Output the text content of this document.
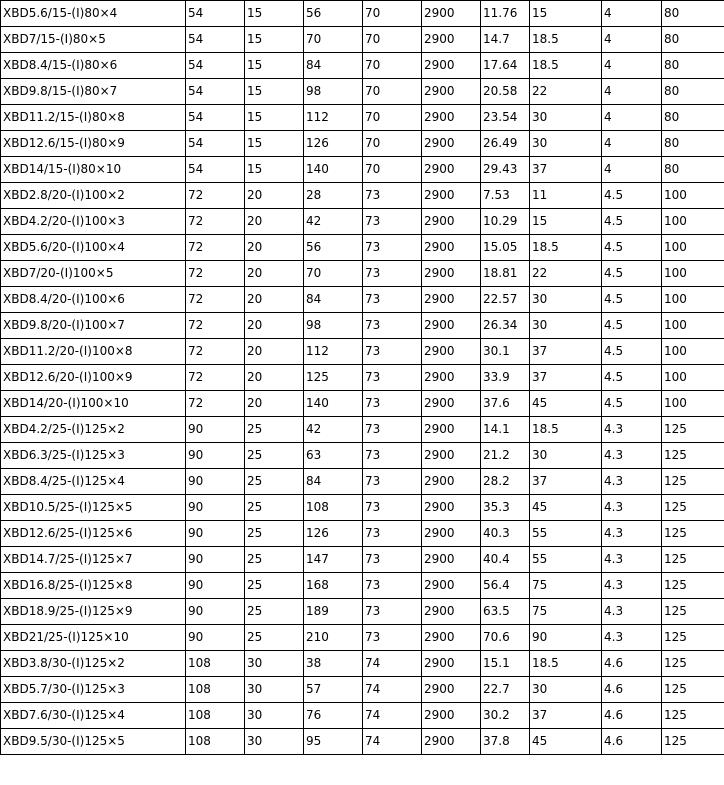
XBD5.6/15-(I)80×4	54	15	56	70	2900	11.76	15	4	80
XBD7/15-(I)80×5	54	15	70	70	2900	14.7	18.5	4	80
XBD8.4/15-(I)80×6	54	15	84	70	2900	17.64	18.5	4	80
XBD9.8/15-(I)80×7	54	15	98	70	2900	20.58	22	4	80
XBD11.2/15-(I)80×8	54	15	112	70	2900	23.54	30	4	80
XBD12.6/15-(I)80×9	54	15	126	70	2900	26.49	30	4	80
XBD14/15-(I)80×10	54	15	140	70	2900	29.43	37	4	80
XBD2.8/20-(I)100×2	72	20	28	73	2900	7.53	11	4.5	100
XBD4.2/20-(I)100×3	72	20	42	73	2900	10.29	15	4.5	100
XBD5.6/20-(I)100×4	72	20	56	73	2900	15.05	18.5	4.5	100
XBD7/20-(I)100×5	72	20	70	73	2900	18.81	22	4.5	100
XBD8.4/20-(I)100×6	72	20	84	73	2900	22.57	30	4.5	100
XBD9.8/20-(I)100×7	72	20	98	73	2900	26.34	30	4.5	100
XBD11.2/20-(I)100×8	72	20	112	73	2900	30.1	37	4.5	100
XBD12.6/20-(I)100×9	72	20	125	73	2900	33.9	37	4.5	100
XBD14/20-(I)100×10	72	20	140	73	2900	37.6	45	4.5	100
XBD4.2/25-(I)125×2	90	25	42	73	2900	14.1	18.5	4.3	125
XBD6.3/25-(I)125×3	90	25	63	73	2900	21.2	30	4.3	125
XBD8.4/25-(I)125×4	90	25	84	73	2900	28.2	37	4.3	125
XBD10.5/25-(I)125×5	90	25	108	73	2900	35.3	45	4.3	125
XBD12.6/25-(I)125×6	90	25	126	73	2900	40.3	55	4.3	125
XBD14.7/25-(I)125×7	90	25	147	73	2900	40.4	55	4.3	125
XBD16.8/25-(I)125×8	90	25	168	73	2900	56.4	75	4.3	125
XBD18.9/25-(I)125×9	90	25	189	73	2900	63.5	75	4.3	125
XBD21/25-(I)125×10	90	25	210	73	2900	70.6	90	4.3	125
XBD3.8/30-(I)125×2	108	30	38	74	2900	15.1	18.5	4.6	125
XBD5.7/30-(I)125×3	108	30	57	74	2900	22.7	30	4.6	125
XBD7.6/30-(I)125×4	108	30	76	74	2900	30.2	37	4.6	125
XBD9.5/30-(I)125×5	108	30	95	74	2900	37.8	45	4.6	125
